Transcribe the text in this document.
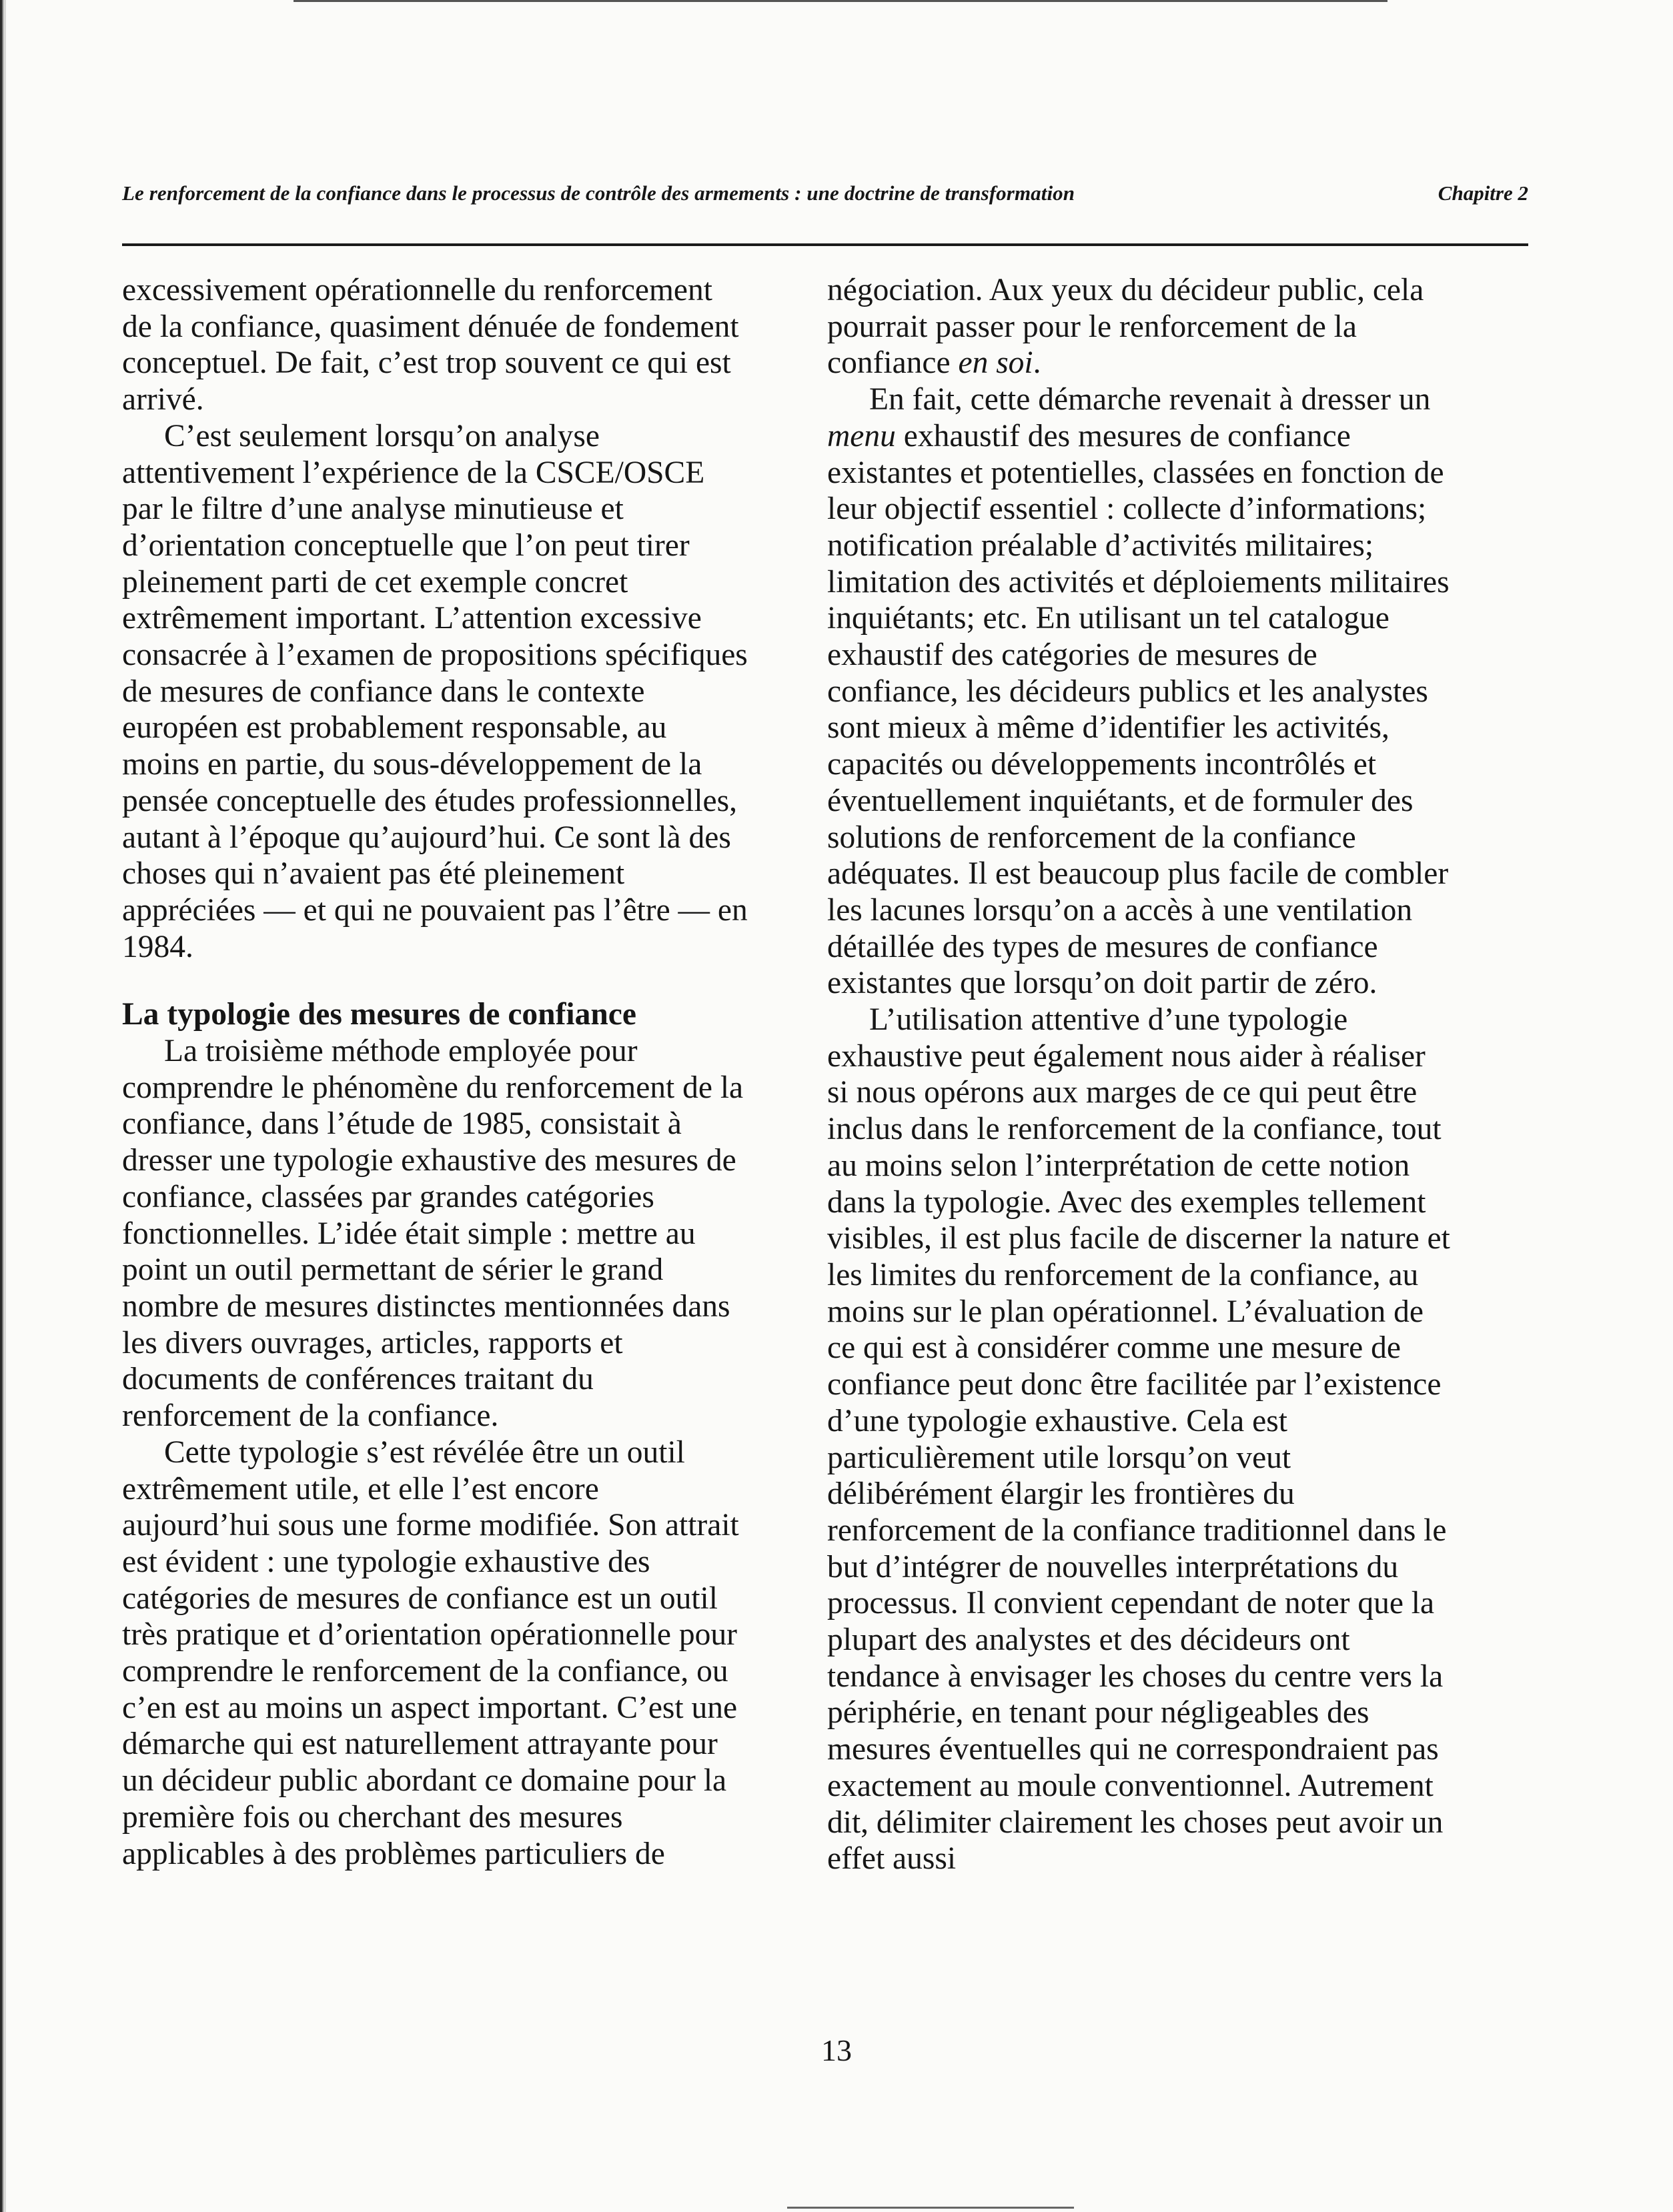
Le renforcement de la confiance dans le processus de contrôle des armements : une doctrine de transformation	Chapitre 2

excessivement opérationnelle du renforcement de la confiance, quasiment dénuée de fondement conceptuel. De fait, c’est trop souvent ce qui est arrivé.

C’est seulement lorsqu’on analyse attentivement l’expérience de la CSCE/OSCE par le filtre d’une analyse minutieuse et d’orientation conceptuelle que l’on peut tirer pleinement parti de cet exemple concret extrêmement important. L’attention excessive consacrée à l’examen de propositions spécifiques de mesures de confiance dans le contexte européen est probablement responsable, au moins en partie, du sous-développement de la pensée conceptuelle des études professionnelles, autant à l’époque qu’aujourd’hui. Ce sont là des choses qui n’avaient pas été pleinement appréciées — et qui ne pouvaient pas l’être — en 1984.

La typologie des mesures de confiance

La troisième méthode employée pour comprendre le phénomène du renforcement de la confiance, dans l’étude de 1985, consistait à dresser une typologie exhaustive des mesures de confiance, classées par grandes catégories fonctionnelles. L’idée était simple : mettre au point un outil permettant de sérier le grand nombre de mesures distinctes mentionnées dans les divers ouvrages, articles, rapports et documents de conférences traitant du renforcement de la confiance.

Cette typologie s’est révélée être un outil extrêmement utile, et elle l’est encore aujourd’hui sous une forme modifiée. Son attrait est évident : une typologie exhaustive des catégories de mesures de confiance est un outil très pratique et d’orientation opérationnelle pour comprendre le renforcement de la confiance, ou c’en est au moins un aspect important. C’est une démarche qui est naturellement attrayante pour un décideur public abordant ce domaine pour la première fois ou cherchant des mesures applicables à des problèmes particuliers de

négociation. Aux yeux du décideur public, cela pourrait passer pour le renforcement de la confiance en soi.

En fait, cette démarche revenait à dresser un menu exhaustif des mesures de confiance existantes et potentielles, classées en fonction de leur objectif essentiel : collecte d’informations; notification préalable d’activités militaires; limitation des activités et déploiements militaires inquiétants; etc. En utilisant un tel catalogue exhaustif des catégories de mesures de confiance, les décideurs publics et les analystes sont mieux à même d’identifier les activités, capacités ou développements incontrôlés et éventuellement inquiétants, et de formuler des solutions de renforcement de la confiance adéquates. Il est beaucoup plus facile de combler les lacunes lorsqu’on a accès à une ventilation détaillée des types de mesures de confiance existantes que lorsqu’on doit partir de zéro.

L’utilisation attentive d’une typologie exhaustive peut également nous aider à réaliser si nous opérons aux marges de ce qui peut être inclus dans le renforcement de la confiance, tout au moins selon l’interprétation de cette notion dans la typologie. Avec des exemples tellement visibles, il est plus facile de discerner la nature et les limites du renforcement de la confiance, au moins sur le plan opérationnel. L’évaluation de ce qui est à considérer comme une mesure de confiance peut donc être facilitée par l’existence d’une typologie exhaustive. Cela est particulièrement utile lorsqu’on veut délibérément élargir les frontières du renforcement de la confiance traditionnel dans le but d’intégrer de nouvelles interprétations du processus. Il convient cependant de noter que la plupart des analystes et des décideurs ont tendance à envisager les choses du centre vers la périphérie, en tenant pour négligeables des mesures éventuelles qui ne correspondraient pas exactement au moule conventionnel. Autrement dit, délimiter clairement les choses peut avoir un effet aussi

13
